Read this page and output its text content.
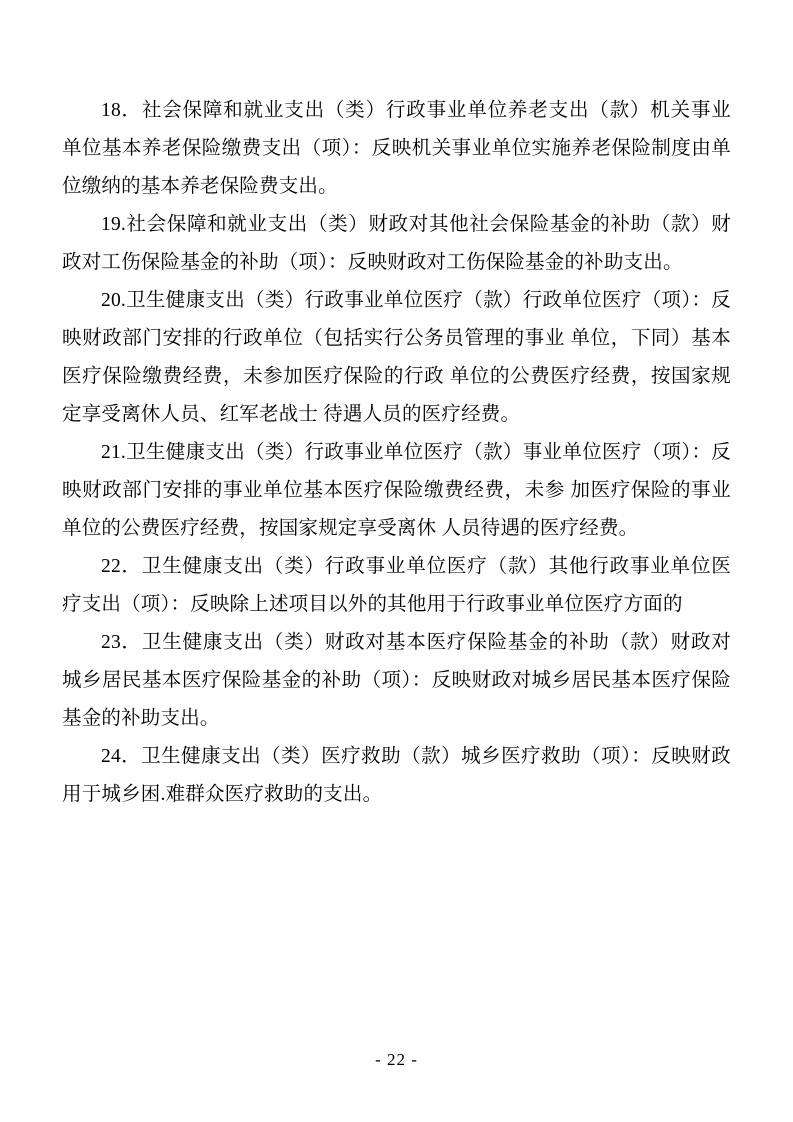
18．社会保障和就业支出（类）行政事业单位养老支出（款）机关事业单位基本养老保险缴费支出（项）：反映机关事业单位实施养老保险制度由单位缴纳的基本养老保险费支出。

19.社会保障和就业支出（类）财政对其他社会保险基金的补助（款）财政对工伤保险基金的补助（项）：反映财政对工伤保险基金的补助支出。

20.卫生健康支出（类）行政事业单位医疗（款）行政单位医疗（项）：反映财政部门安排的行政单位（包括实行公务员管理的事业 单位，下同）基本医疗保险缴费经费，未参加医疗保险的行政 单位的公费医疗经费，按国家规定享受离休人员、红军老战士 待遇人员的医疗经费。

21.卫生健康支出（类）行政事业单位医疗（款）事业单位医疗（项）：反映财政部门安排的事业单位基本医疗保险缴费经费，未参 加医疗保险的事业单位的公费医疗经费，按国家规定享受离休 人员待遇的医疗经费。

22．卫生健康支出（类）行政事业单位医疗（款）其他行政事业单位医疗支出（项）：反映除上述项目以外的其他用于行政事业单位医疗方面的

23．卫生健康支出（类）财政对基本医疗保险基金的补助（款）财政对城乡居民基本医疗保险基金的补助（项）：反映财政对城乡居民基本医疗保险基金的补助支出。

24．卫生健康支出（类）医疗救助（款）城乡医疗救助（项）：反映财政用于城乡困.难群众医疗救助的支出。

- 22 -
